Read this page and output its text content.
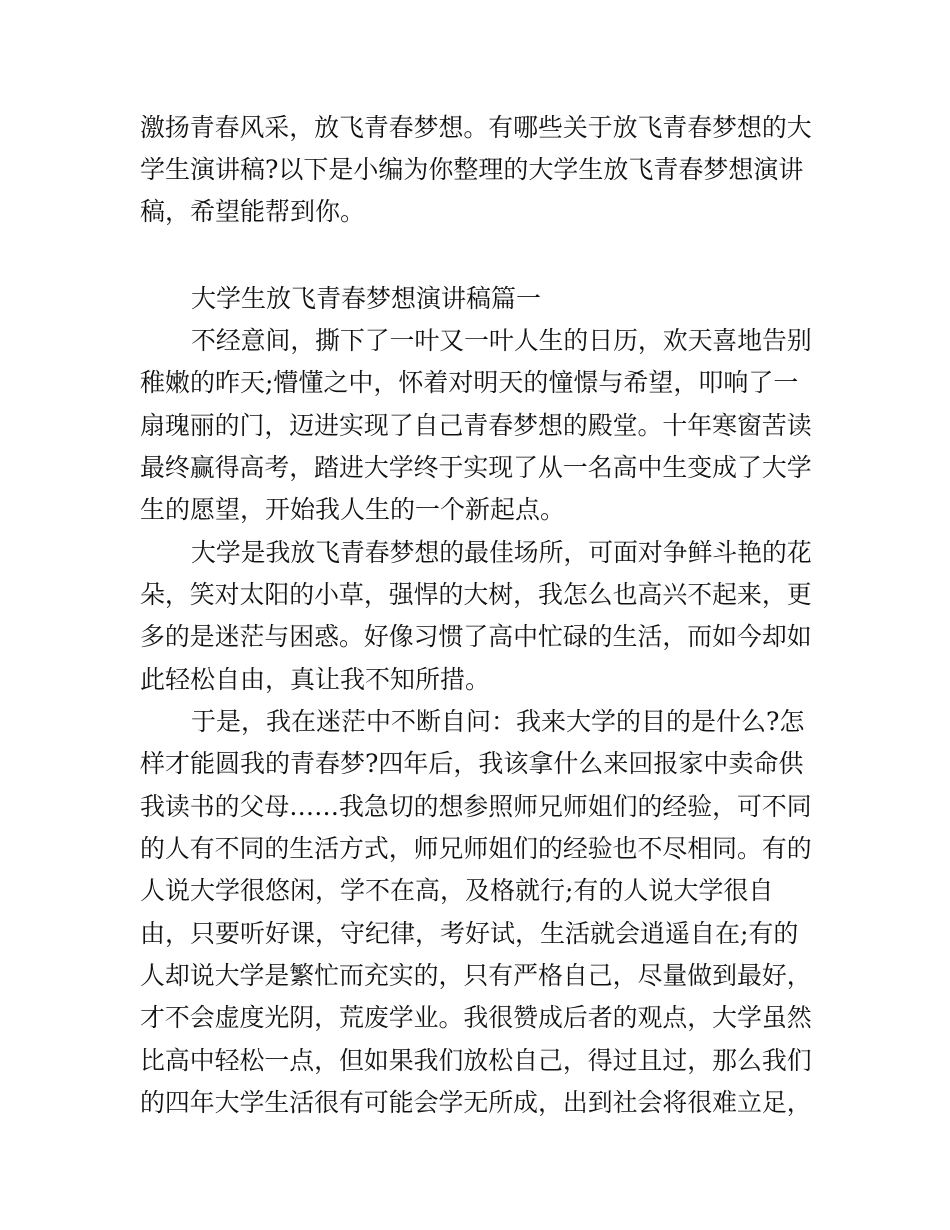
激扬青春风采，放飞青春梦想。有哪些关于放飞青春梦想的大

学生演讲稿?以下是小编为你整理的大学生放飞青春梦想演讲

稿，希望能帮到你。

大学生放飞青春梦想演讲稿篇一

不经意间，撕下了一叶又一叶人生的日历，欢天喜地告别

稚嫩的昨天;懵懂之中，怀着对明天的憧憬与希望，叩响了一

扇瑰丽的门，迈进实现了自己青春梦想的殿堂。十年寒窗苦读

最终赢得高考，踏进大学终于实现了从一名高中生变成了大学

生的愿望，开始我人生的一个新起点。

大学是我放飞青春梦想的最佳场所，可面对争鲜斗艳的花

朵，笑对太阳的小草，强悍的大树，我怎么也高兴不起来，更

多的是迷茫与困惑。好像习惯了高中忙碌的生活，而如今却如

此轻松自由，真让我不知所措。

于是，我在迷茫中不断自问：我来大学的目的是什么?怎

样才能圆我的青春梦?四年后，我该拿什么来回报家中卖命供

我读书的父母……我急切的想参照师兄师姐们的经验，可不同

的人有不同的生活方式，师兄师姐们的经验也不尽相同。有的

人说大学很悠闲，学不在高，及格就行;有的人说大学很自

由，只要听好课，守纪律，考好试，生活就会逍遥自在;有的

人却说大学是繁忙而充实的，只有严格自己，尽量做到最好，

才不会虚度光阴，荒废学业。我很赞成后者的观点，大学虽然

比高中轻松一点，但如果我们放松自己，得过且过，那么我们

的四年大学生活很有可能会学无所成，出到社会将很难立足，
